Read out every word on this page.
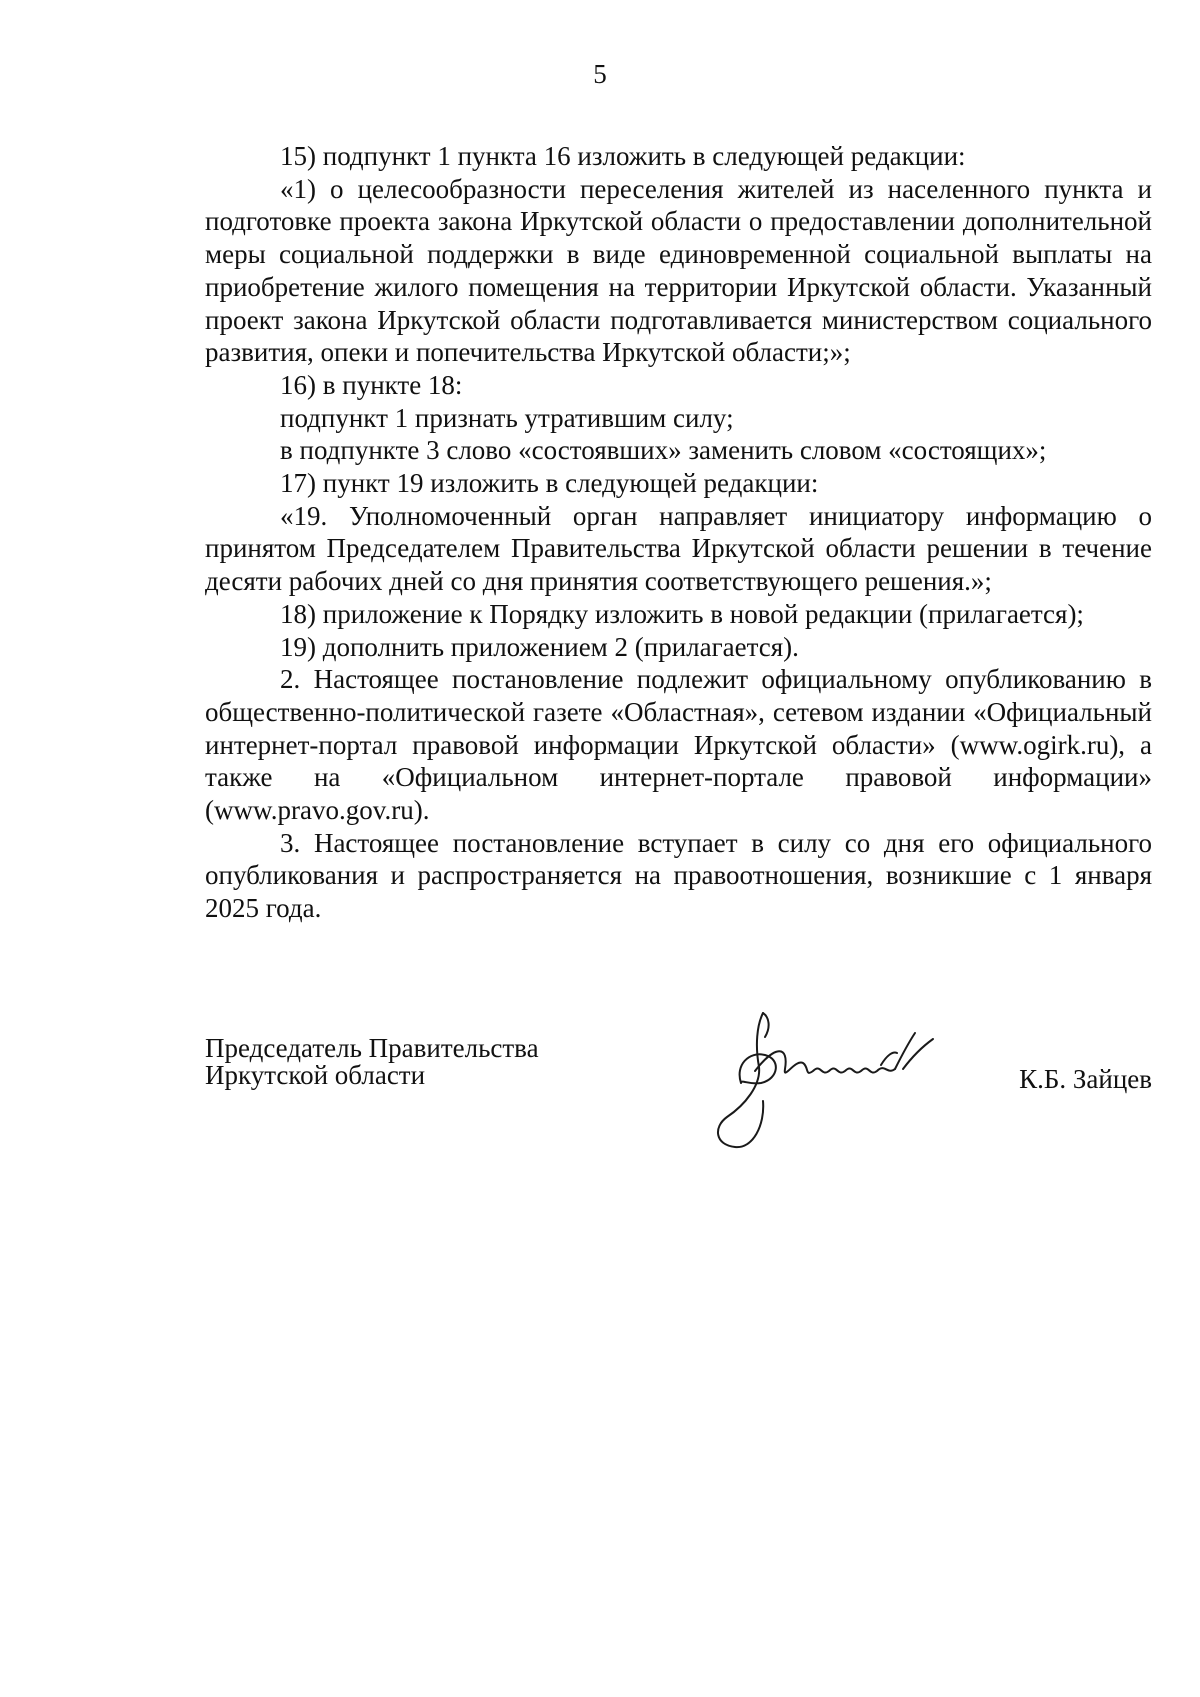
5

15) подпункт 1 пункта 16 изложить в следующей редакции:

«1) о целесообразности переселения жителей из населенного пункта и подготовке проекта закона Иркутской области о предоставлении дополнительной меры социальной поддержки в виде единовременной социальной выплаты на приобретение жилого помещения на территории Иркутской области. Указанный проект закона Иркутской области подготавливается министерством социального развития, опеки и попечительства Иркутской области;»;

16) в пункте 18:

подпункт 1 признать утратившим силу;

в подпункте 3 слово «состоявших» заменить словом «состоящих»;

17) пункт 19 изложить в следующей редакции:

«19. Уполномоченный орган направляет инициатору информацию о принятом Председателем Правительства Иркутской области решении в течение десяти рабочих дней со дня принятия соответствующего решения.»;

18) приложение к Порядку изложить в новой редакции (прилагается);

19) дополнить приложением 2 (прилагается).

2. Настоящее постановление подлежит официальному опубликованию в общественно-политической газете «Областная», сетевом издании «Официальный интернет-портал правовой информации Иркутской области» (www.ogirk.ru), а также на «Официальном интернет-портале правовой информации» (www.pravo.gov.ru).

3. Настоящее постановление вступает в силу со дня его официального опубликования и распространяется на правоотношения, возникшие с 1 января 2025 года.

Председатель Правительства
Иркутской области	К.Б. Зайцев
